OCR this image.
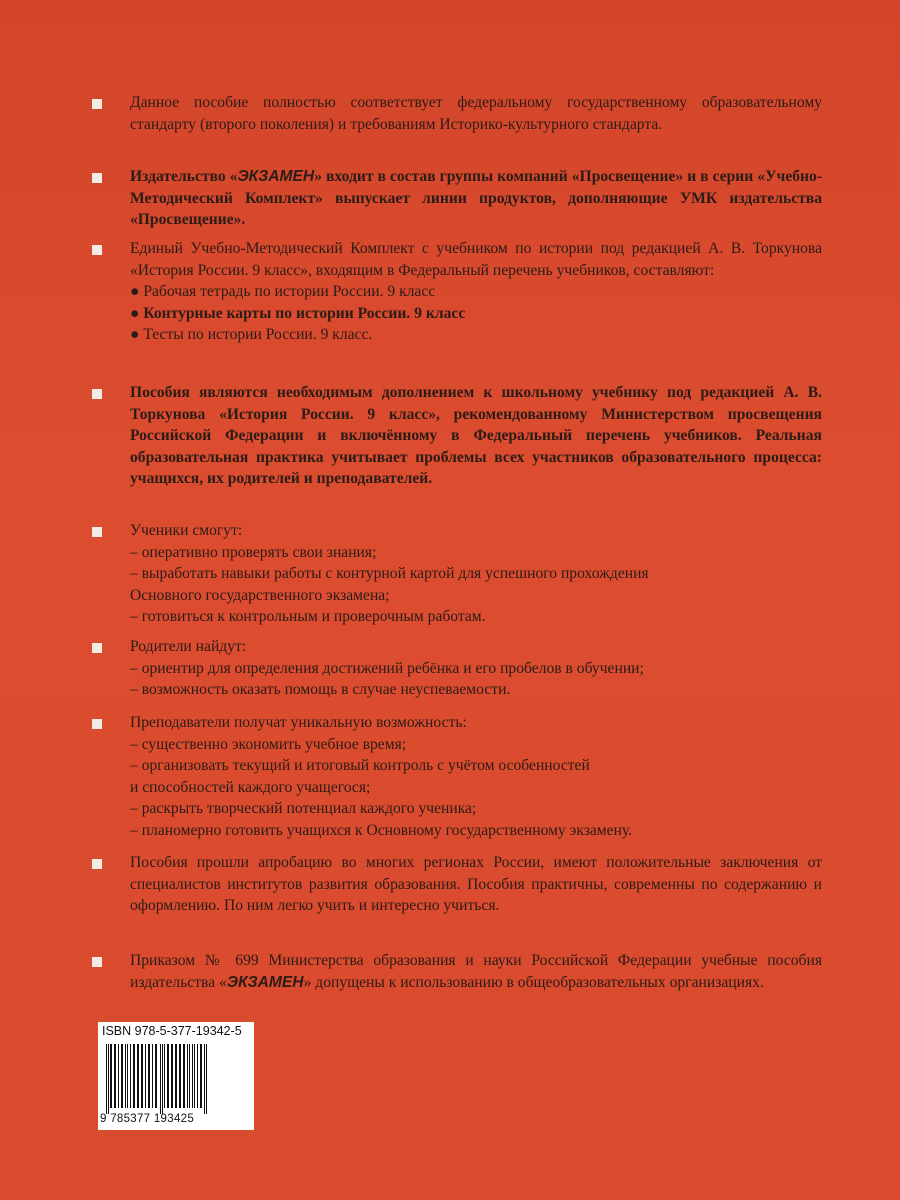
Данное пособие полностью соответствует федеральному государственному образовательному стандарту (второго поколения) и требованиям Историко-культурного стандарта.
Издательство «ЭКЗАМЕН» входит в состав группы компаний «Просвещение» и в серии «Учебно-Методический Комплект» выпускает линии продуктов, дополняющие УМК издательства «Просвещение».

Единый Учебно-Методический Комплект с учебником по истории под редакцией А. В. Торкунова «История России. 9 класс», входящим в Федеральный перечень учебников, составляют:

● Рабочая тетрадь по истории России. 9 класс

● Контурные карты по истории России. 9 класс

● Тесты по истории России. 9 класс.

Пособия являются необходимым дополнением к школьному учебнику под редакцией А. В. Торкунова «История России. 9 класс», рекомендованному Министерством просвещения Российской Федерации и включённому в Федеральный перечень учебников. Реальная образовательная практика учитывает проблемы всех участников образовательного процесса: учащихся, их родителей и преподавателей.

Ученики смогут:

– оперативно проверять свои знания;

– выработать навыки работы с контурной картой для успешного прохождения

Основного государственного экзамена;

– готовиться к контрольным и проверочным работам.

Родители найдут:

– ориентир для определения достижений ребёнка и его пробелов в обучении;

– возможность оказать помощь в случае неуспеваемости.

Преподаватели получат уникальную возможность:

– существенно экономить учебное время;

– организовать текущий и итоговый контроль с учётом особенностей

и способностей каждого учащегося;

– раскрыть творческий потенциал каждого ученика;

– планомерно готовить учащихся к Основному государственному экзамену.

Пособия прошли апробацию во многих регионах России, имеют положительные заключения от специалистов институтов развития образования. Пособия практичны, современны по содержанию и оформлению. По ним легко учить и интересно учиться.
Приказом № 699 Министерства образования и науки Российской Федерации учебные пособия издательства «ЭКЗАМЕН» допущены к использованию в общеобразовательных организациях.
ISBN 978-5-377-19342-5
9 785377 193425
